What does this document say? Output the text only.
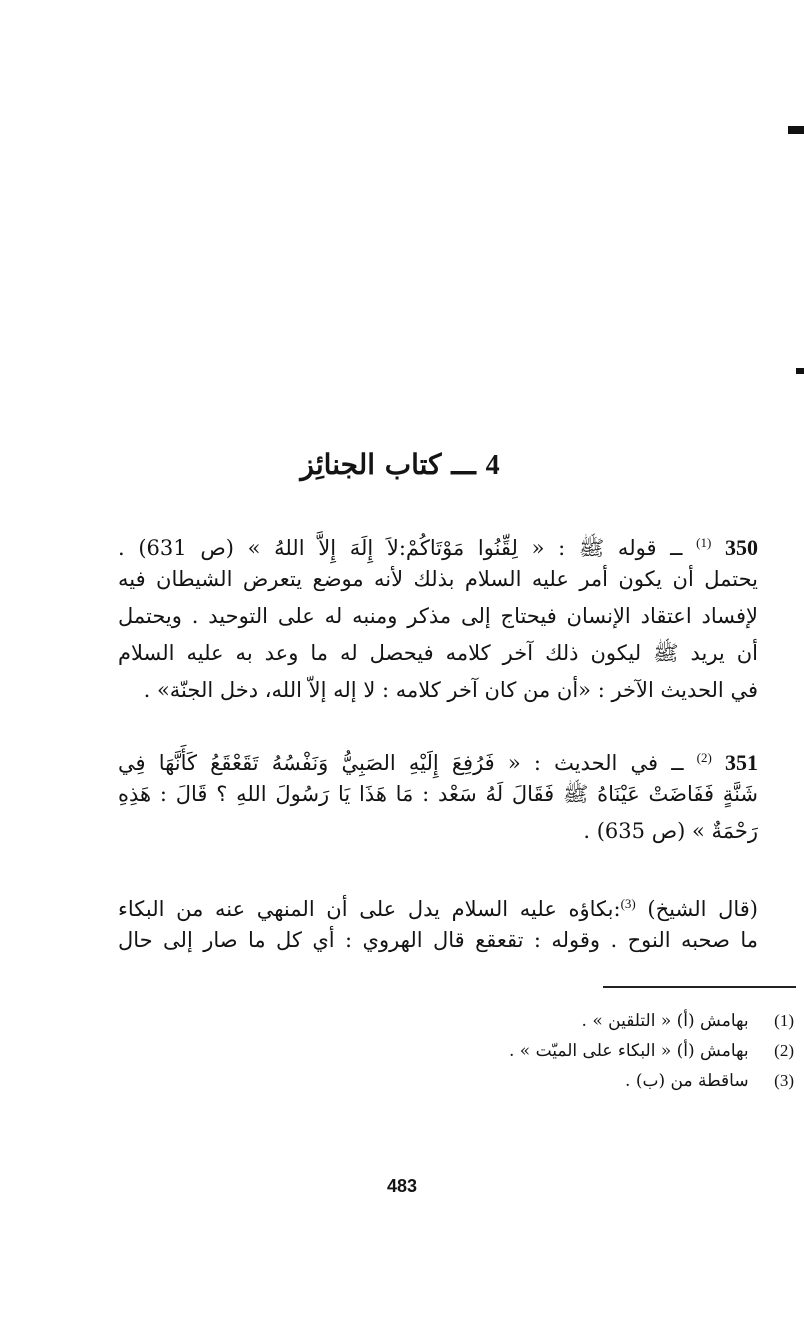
4 ـــ كتاب الجنائِز
350 $^{(1)}$ ــ قوله ﷺ : « لِقِّنُوا مَوْتَاكُمْ:لاَ إِلَهَ إِلاَّ اللهُ » (ص 631) .
يحتمل أن يكون أمر عليه السلام بذلك لأنه موضع يتعرض الشيطان فيه
لإفساد اعتقاد الإنسان فيحتاج إلى مذكر ومنبه له على التوحيد . ويحتمل
أن يريد ﷺ ليكون ذلك آخر كلامه فيحصل له ما وعد به عليه السلام
في الحديث الآخر : «أن من كان آخر كلامه : لا إله إلاّ الله، دخل الجنّة» .
351 $^{(2)}$ ــ في الحديث : « فَرُفِعَ إِلَيْهِ الصَبِيُّ وَنَفْسُهُ تَقَعْقَعُ كَأَنَّهَا فِي
شَنَّةٍ فَفَاضَتْ عَيْنَاهُ ﷺ فَقَالَ لَهُ سَعْد : مَا هَذَا يَا رَسُولَ اللهِ ؟ قَالَ : هَذِهِ
رَحْمَةٌ » (ص 635) .
(قال الشيخ) $^{(3)}$:بكاؤه عليه السلام يدل على أن المنهي عنه من البكاء
ما صحبه النوح . وقوله : تقعقع قال الهروي : أي كل ما صار إلى حال
(1) بهامش (أ) « التلقين » .
(2) بهامش (أ) « البكاء على الميّت » .
(3) ساقطة من (ب) .
483
